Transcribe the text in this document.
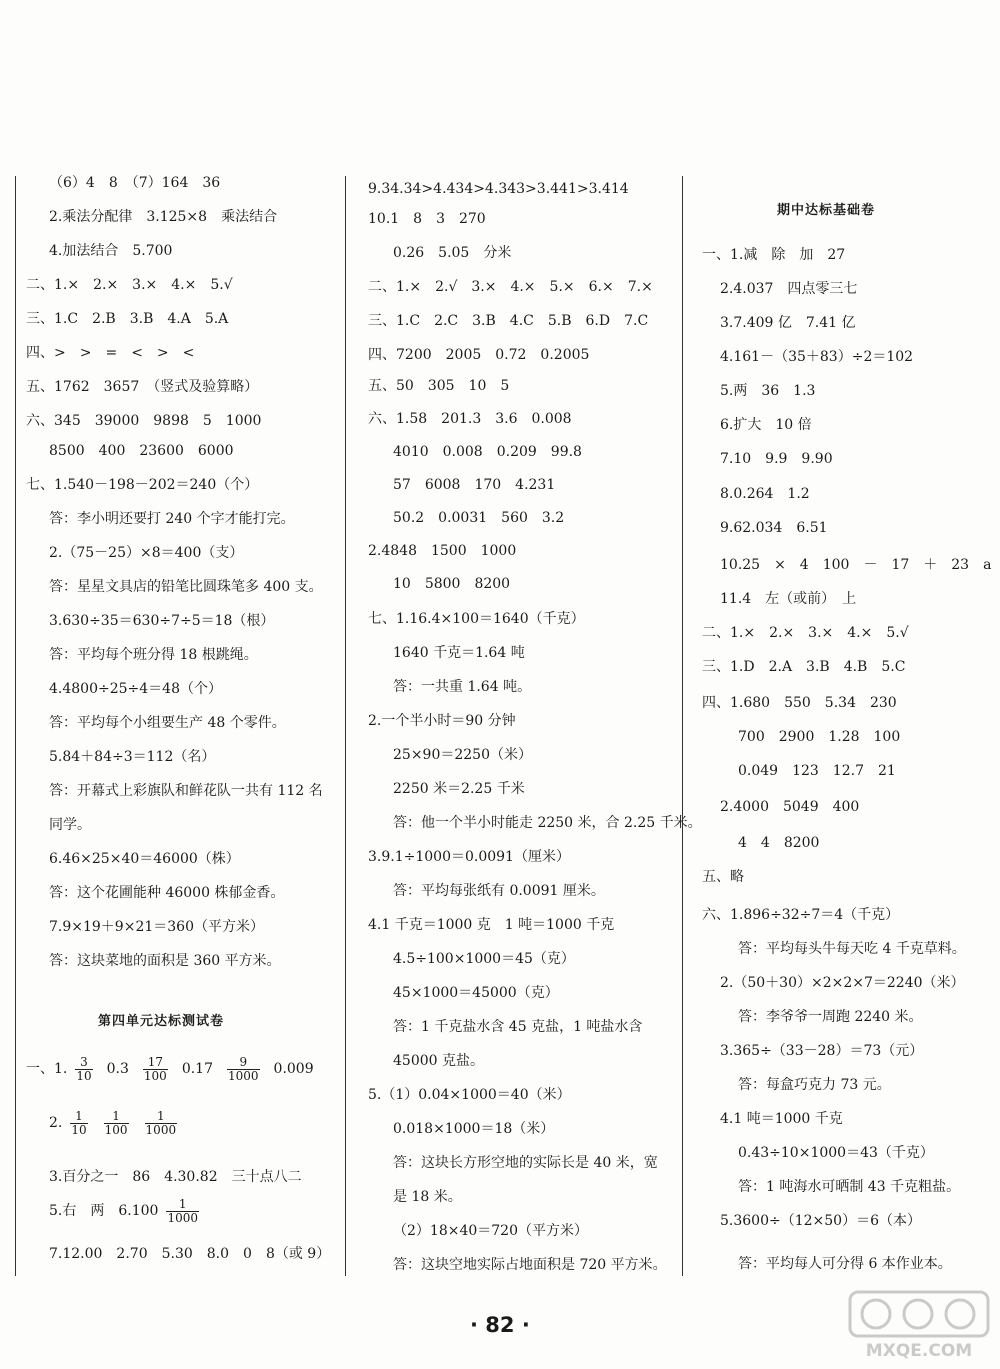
（6）4　8　（7）164　36
2.乘法分配律　3.125×8　乘法结合
4.加法结合　5.700
二、1.×　2.×　3.×　4.×　5.√
三、1.C　2.B　3.B　4.A　5.A
四、>　>　=　<　>　<
五、1762　3657　（竖式及验算略）
六、345　39000　9898　5　1000
8500　400　23600　6000
七、1.540－198－202＝240（个）
答：李小明还要打 240 个字才能打完。
2.（75－25）×8＝400（支）
答：星星文具店的铅笔比圆珠笔多 400 支。
3.630÷35＝630÷7÷5＝18（根）
答：平均每个班分得 18 根跳绳。
4.4800÷25÷4＝48（个）
答：平均每个小组要生产 48 个零件。
5.84＋84÷3＝112（名）
答：开幕式上彩旗队和鲜花队一共有 112 名
同学。
6.46×25×40＝46000（株）
答：这个花圃能种 46000 株郁金香。
7.9×19＋9×21＝360（平方米）
答：这块菜地的面积是 360 平方米。
9.34.34>4.434>4.343>3.441>3.414
10.1　8　3　270
0.26　5.05　分米
二、1.×　2.√　3.×　4.×　5.×　6.×　7.×
三、1.C　2.C　3.B　4.C　5.B　6.D　7.C
四、7200　2005　0.72　0.2005
五、50　305　10　5
六、1.58　201.3　3.6　0.008
4010　0.008　0.209　99.8
57　6008　170　4.231
50.2　0.0031　560　3.2
2.4848　1500　1000
10　5800　8200
七、1.16.4×100＝1640（千克）
1640 千克＝1.64 吨
答：一共重 1.64 吨。
2.一个半小时＝90 分钟
25×90＝2250（米）
2250 米＝2.25 千米
答：他一个半小时能走 2250 米，合 2.25 千米。
3.9.1÷1000＝0.0091（厘米）
答：平均每张纸有 0.0091 厘米。
4.1 千克＝1000 克　1 吨＝1000 千克
4.5÷100×1000＝45（克）
45×1000＝45000（克）
答：1 千克盐水含 45 克盐，1 吨盐水含
45000 克盐。
5.（1）0.04×1000＝40（米）
0.018×1000＝18（米）
答：这块长方形空地的实际长是 40 米，宽
是 18 米。
（2）18×40＝720（平方米）
答：这块空地实际占地面积是 720 平方米。
一、1.减　除　加　27
2.4.037　四点零三七
3.7.409 亿　7.41 亿
4.161－（35＋83）÷2＝102
5.两　36　1.3
6.扩大　10 倍
7.10　9.9　9.90
8.0.264　1.2
9.62.034　6.51
10.25　×　4　100　－　17　＋　23　a
11.4　左（或前）　上
二、1.×　2.×　3.×　4.×　5.√
三、1.D　2.A　3.B　4.B　5.C
四、1.680　550　5.34　230
700　2900　1.28　100
0.049　123　12.7　21
2.4000　5049　400
4　4　8200
五、略
六、1.896÷32÷7＝4（千克）
答：平均每头牛每天吃 4 千克草料。
2.（50＋30）×2×2×7＝2240（米）
答：李爷爷一周跑 2240 米。
3.365÷（33－28）＝73（元）
答：每盒巧克力 73 元。
4.1 吨＝1000 千克
0.43÷10×1000＝43（千克）
答：1 吨海水可晒制 43 千克粗盐。
5.3600÷（12×50）＝6（本）
答：平均每人可分得 6 本作业本。
第四单元达标测试卷
期中达标基础卷
一、1. $\frac{3}{10} 0.3 \frac{17}{100} 0.17 \frac{9}{1000} 0.009$
2. $\frac{1}{10} \frac{1}{100} \frac{1}{1000}$
3.百分之一　86　4.30.82　三十点八二
5.右　两　$6.100 \frac{1}{1000}$
7.12.00　2.70　5.30　8.0　0　8（或 9）
· 82 ·
MXQE.COM
